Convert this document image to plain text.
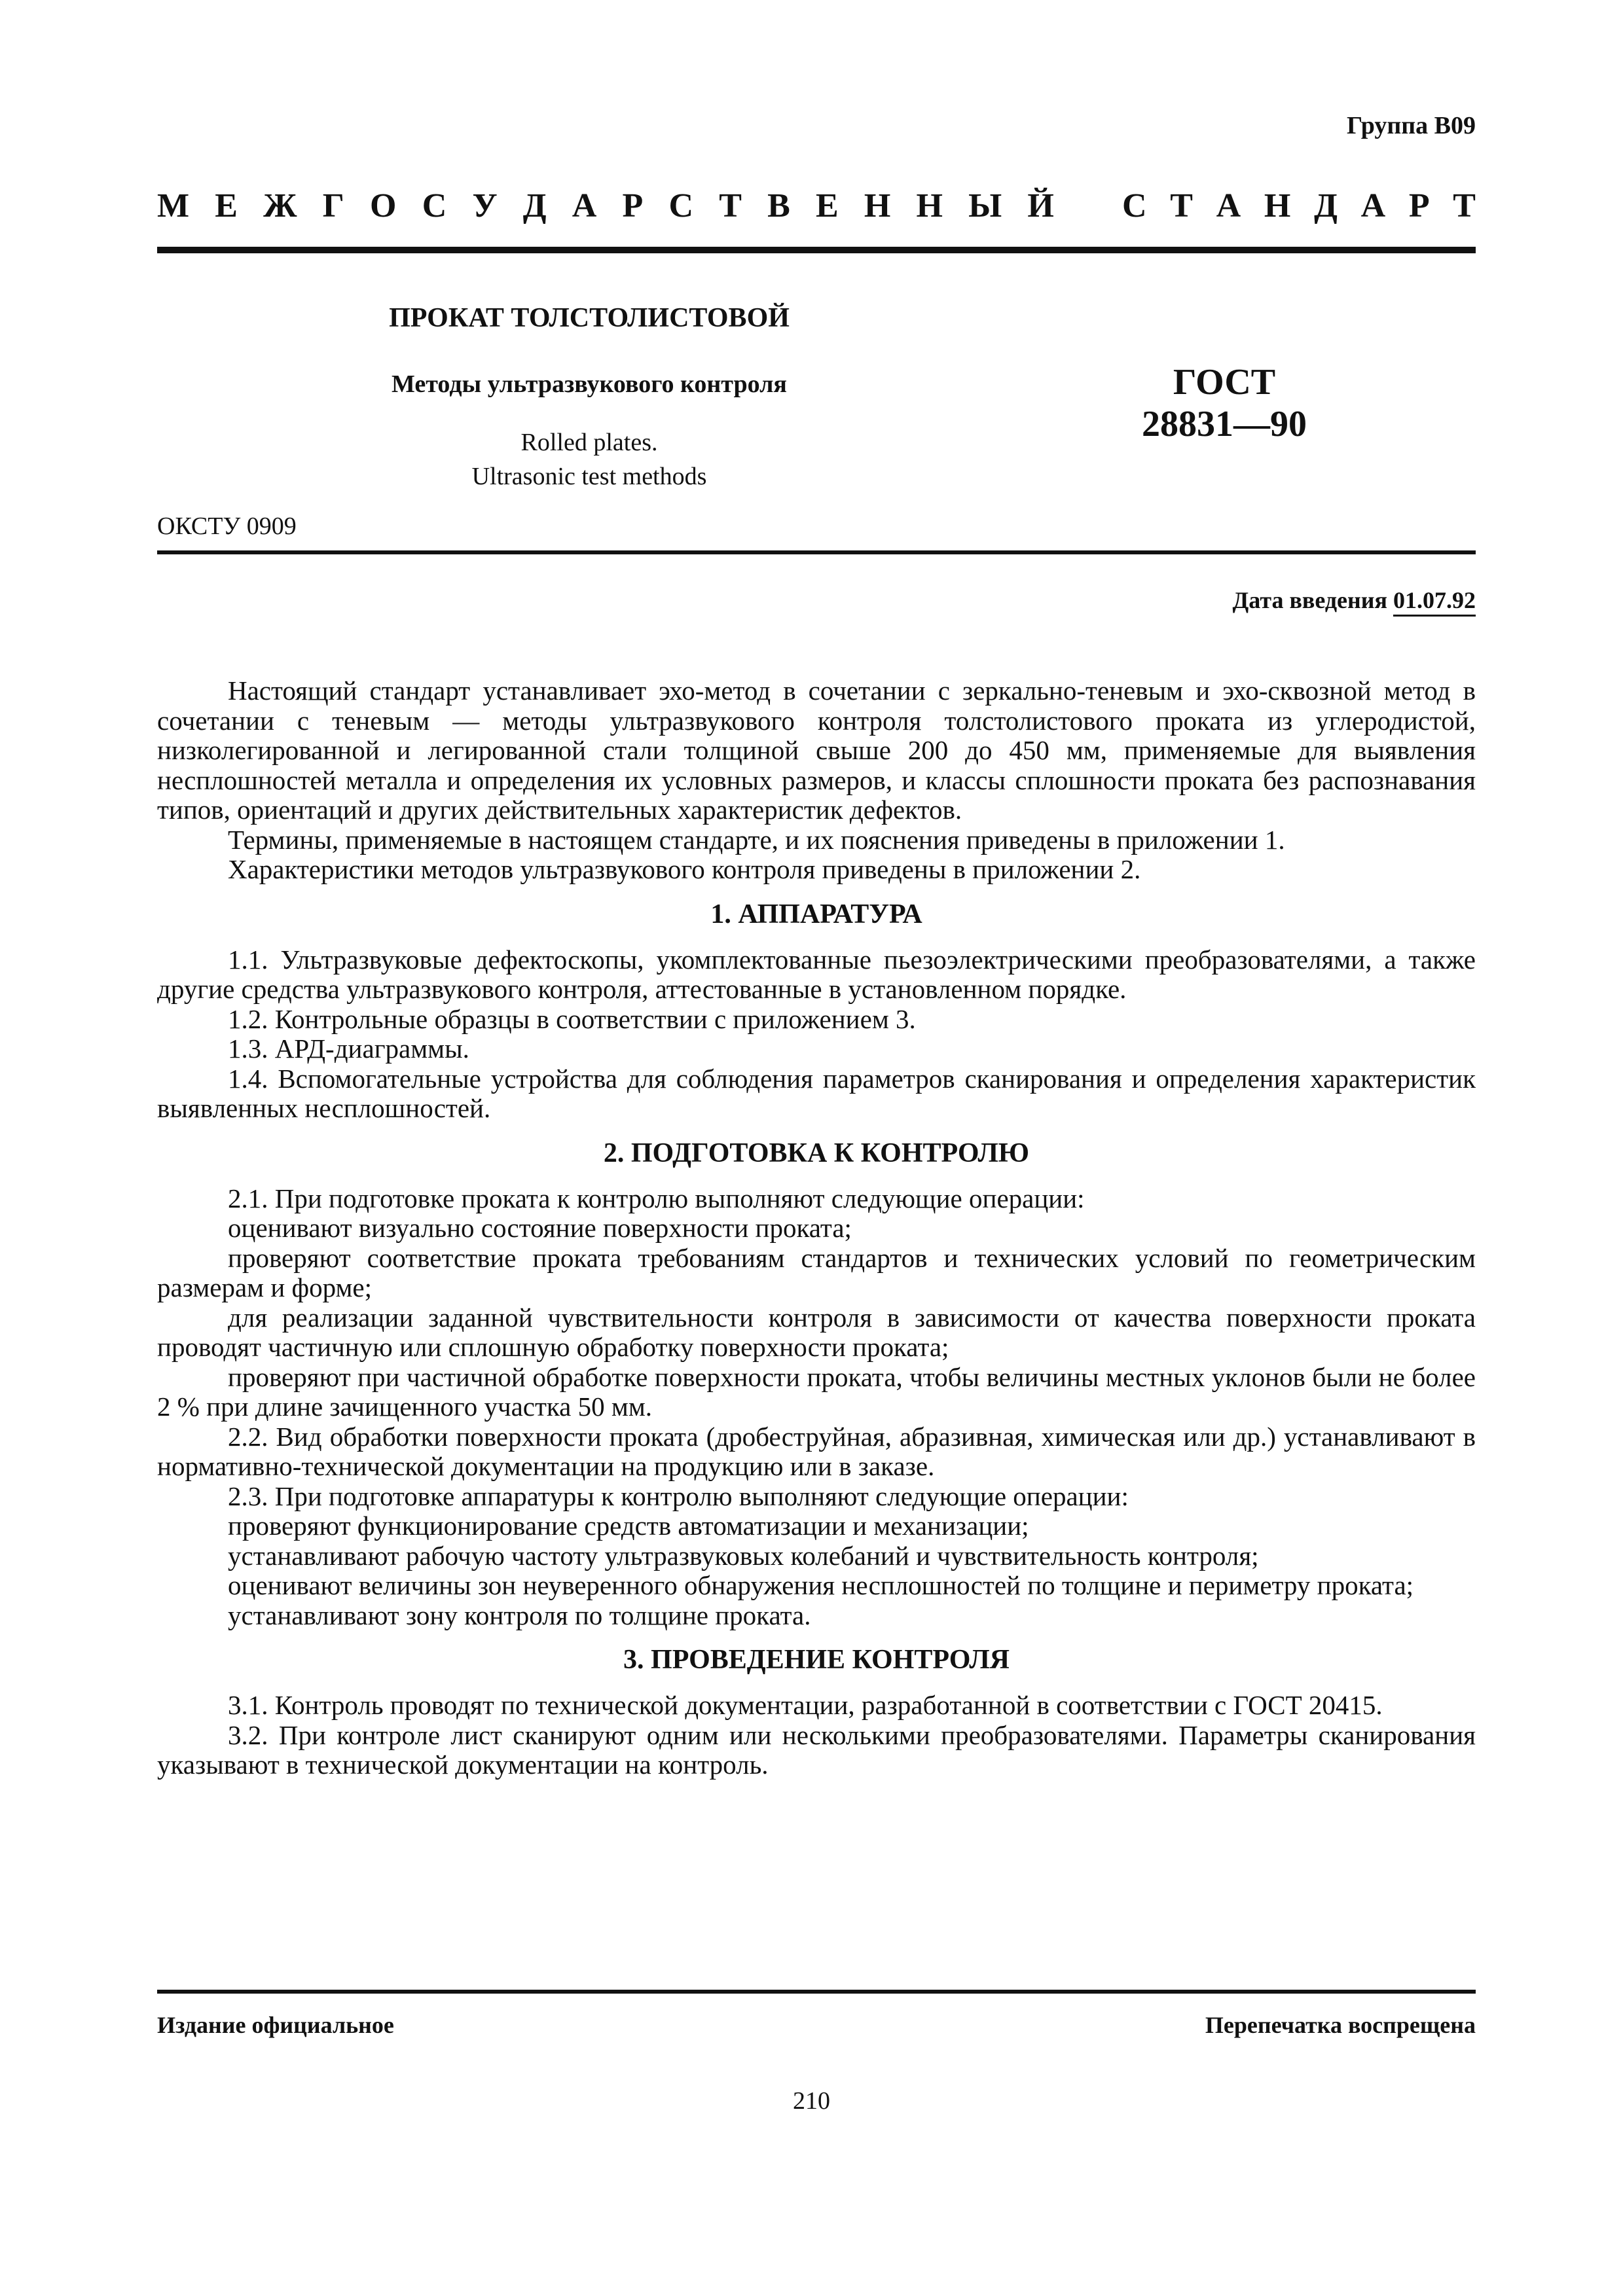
Группа В09
М Е Ж Г О С У Д А Р С Т В Е Н Н Ы Й С Т А Н Д А Р Т
ПРОКАТ ТОЛСТОЛИСТОВОЙ
Методы ультразвукового контроля
Rolled plates.
Ultrasonic test methods
ГОСТ
28831—90
ОКСТУ 0909
Дата введения 01.07.92

Настоящий стандарт устанавливает эхо-метод в сочетании с зеркально-теневым и эхо-сквозной метод в сочетании с теневым — методы ультразвукового контроля толстолистового проката из углеродистой, низколегированной и легированной стали толщиной свыше 200 до 450 мм, применяемые для выявления несплошностей металла и определения их условных размеров, и классы сплошности проката без распознавания типов, ориентаций и других действительных характеристик дефектов.

Термины, применяемые в настоящем стандарте, и их пояснения приведены в приложении 1.

Характеристики методов ультразвукового контроля приведены в приложении 2.

1. АППАРАТУРА

1.1. Ультразвуковые дефектоскопы, укомплектованные пьезоэлектрическими преобразователями, а также другие средства ультразвукового контроля, аттестованные в установленном порядке.

1.2. Контрольные образцы в соответствии с приложением 3.

1.3. АРД-диаграммы.

1.4. Вспомогательные устройства для соблюдения параметров сканирования и определения характеристик выявленных несплошностей.

2. ПОДГОТОВКА К КОНТРОЛЮ

2.1. При подготовке проката к контролю выполняют следующие операции:

оценивают визуально состояние поверхности проката;

проверяют соответствие проката требованиям стандартов и технических условий по геометрическим размерам и форме;

для реализации заданной чувствительности контроля в зависимости от качества поверхности проката проводят частичную или сплошную обработку поверхности проката;

проверяют при частичной обработке поверхности проката, чтобы величины местных уклонов были не более 2 % при длине зачищенного участка 50 мм.

2.2. Вид обработки поверхности проката (дробеструйная, абразивная, химическая или др.) устанавливают в нормативно-технической документации на продукцию или в заказе.

2.3. При подготовке аппаратуры к контролю выполняют следующие операции:

проверяют функционирование средств автоматизации и механизации;

устанавливают рабочую частоту ультразвуковых колебаний и чувствительность контроля;

оценивают величины зон неуверенного обнаружения несплошностей по толщине и периметру проката;

устанавливают зону контроля по толщине проката.

3. ПРОВЕДЕНИЕ КОНТРОЛЯ

3.1. Контроль проводят по технической документации, разработанной в соответствии с ГОСТ 20415.

3.2. При контроле лист сканируют одним или несколькими преобразователями. Параметры сканирования указывают в технической документации на контроль.

Издание официальное	Перепечатка воспрещена
210
